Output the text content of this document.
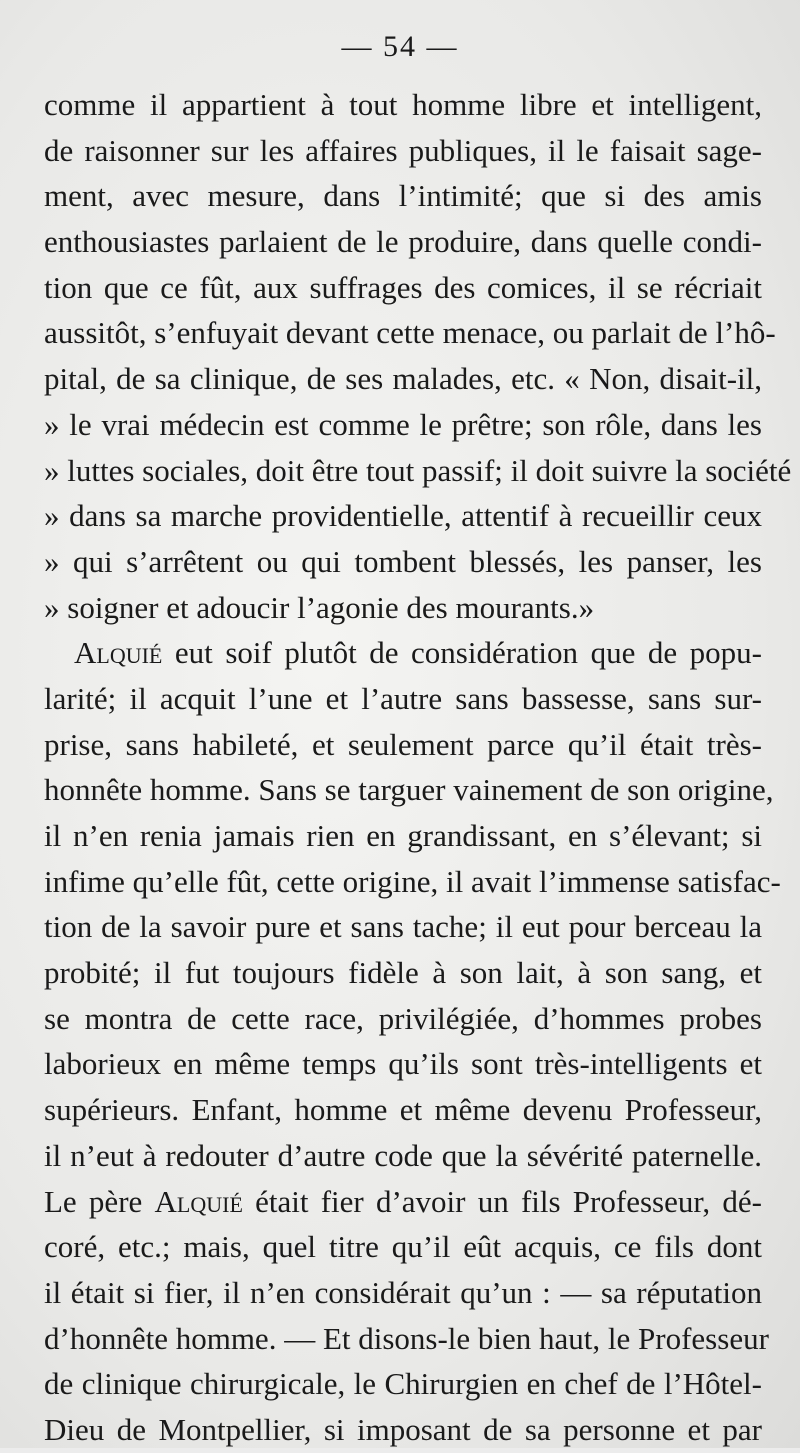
— 54 —
comme il appartient à tout homme libre et intelligent,
de raisonner sur les affaires publiques, il le faisait sage-
ment, avec mesure, dans l’intimité; que si des amis
enthousiastes parlaient de le produire, dans quelle condi-
tion que ce fût, aux suffrages des comices, il se récriait
aussitôt, s’enfuyait devant cette menace, ou parlait de l’hô-
pital, de sa clinique, de ses malades, etc. « Non, disait-il,
» le vrai médecin est comme le prêtre; son rôle, dans les
» luttes sociales, doit être tout passif; il doit suivre la société
» dans sa marche providentielle, attentif à recueillir ceux
» qui s’arrêtent ou qui tombent blessés, les panser, les
» soigner et adoucir l’agonie des mourants.»
Alquié eut soif plutôt de considération que de popu-
larité; il acquit l’une et l’autre sans bassesse, sans sur-
prise, sans habileté, et seulement parce qu’il était très-
honnête homme. Sans se targuer vainement de son origine,
il n’en renia jamais rien en grandissant, en s’élevant; si
infime qu’elle fût, cette origine, il avait l’immense satisfac-
tion de la savoir pure et sans tache; il eut pour berceau la
probité; il fut toujours fidèle à son lait, à son sang, et
se montra de cette race, privilégiée, d’hommes probes
laborieux en même temps qu’ils sont très-intelligents et
supérieurs. Enfant, homme et même devenu Professeur,
il n’eut à redouter d’autre code que la sévérité paternelle.
Le père Alquié était fier d’avoir un fils Professeur, dé-
coré, etc.; mais, quel titre qu’il eût acquis, ce fils dont
il était si fier, il n’en considérait qu’un : — sa réputation
d’honnête homme. — Et disons-le bien haut, le Professeur
de clinique chirurgicale, le Chirurgien en chef de l’Hôtel-
Dieu de Montpellier, si imposant de sa personne et par
